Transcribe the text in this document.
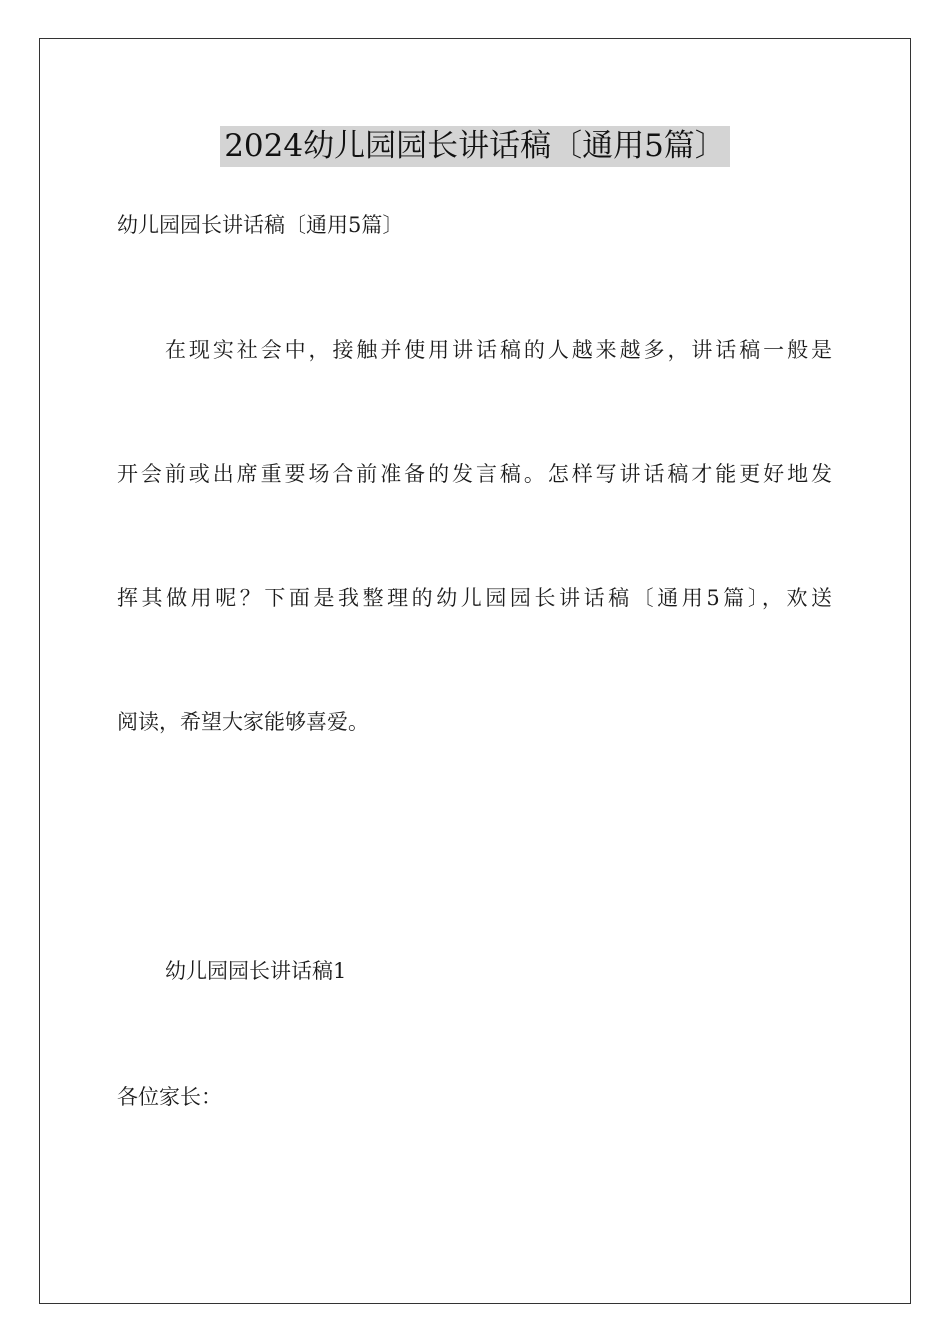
2024幼儿园园长讲话稿〔通用5篇〕
幼儿园园长讲话稿〔通用5篇〕
在现实社会中，接触并使用讲话稿的人越来越多，讲话稿一般是
开会前或出席重要场合前准备的发言稿。怎样写讲话稿才能更好地发
挥其做用呢？下面是我整理的幼儿园园长讲话稿〔通用5篇〕，欢送
阅读，希望大家能够喜爱。
幼儿园园长讲话稿1
各位家长：
